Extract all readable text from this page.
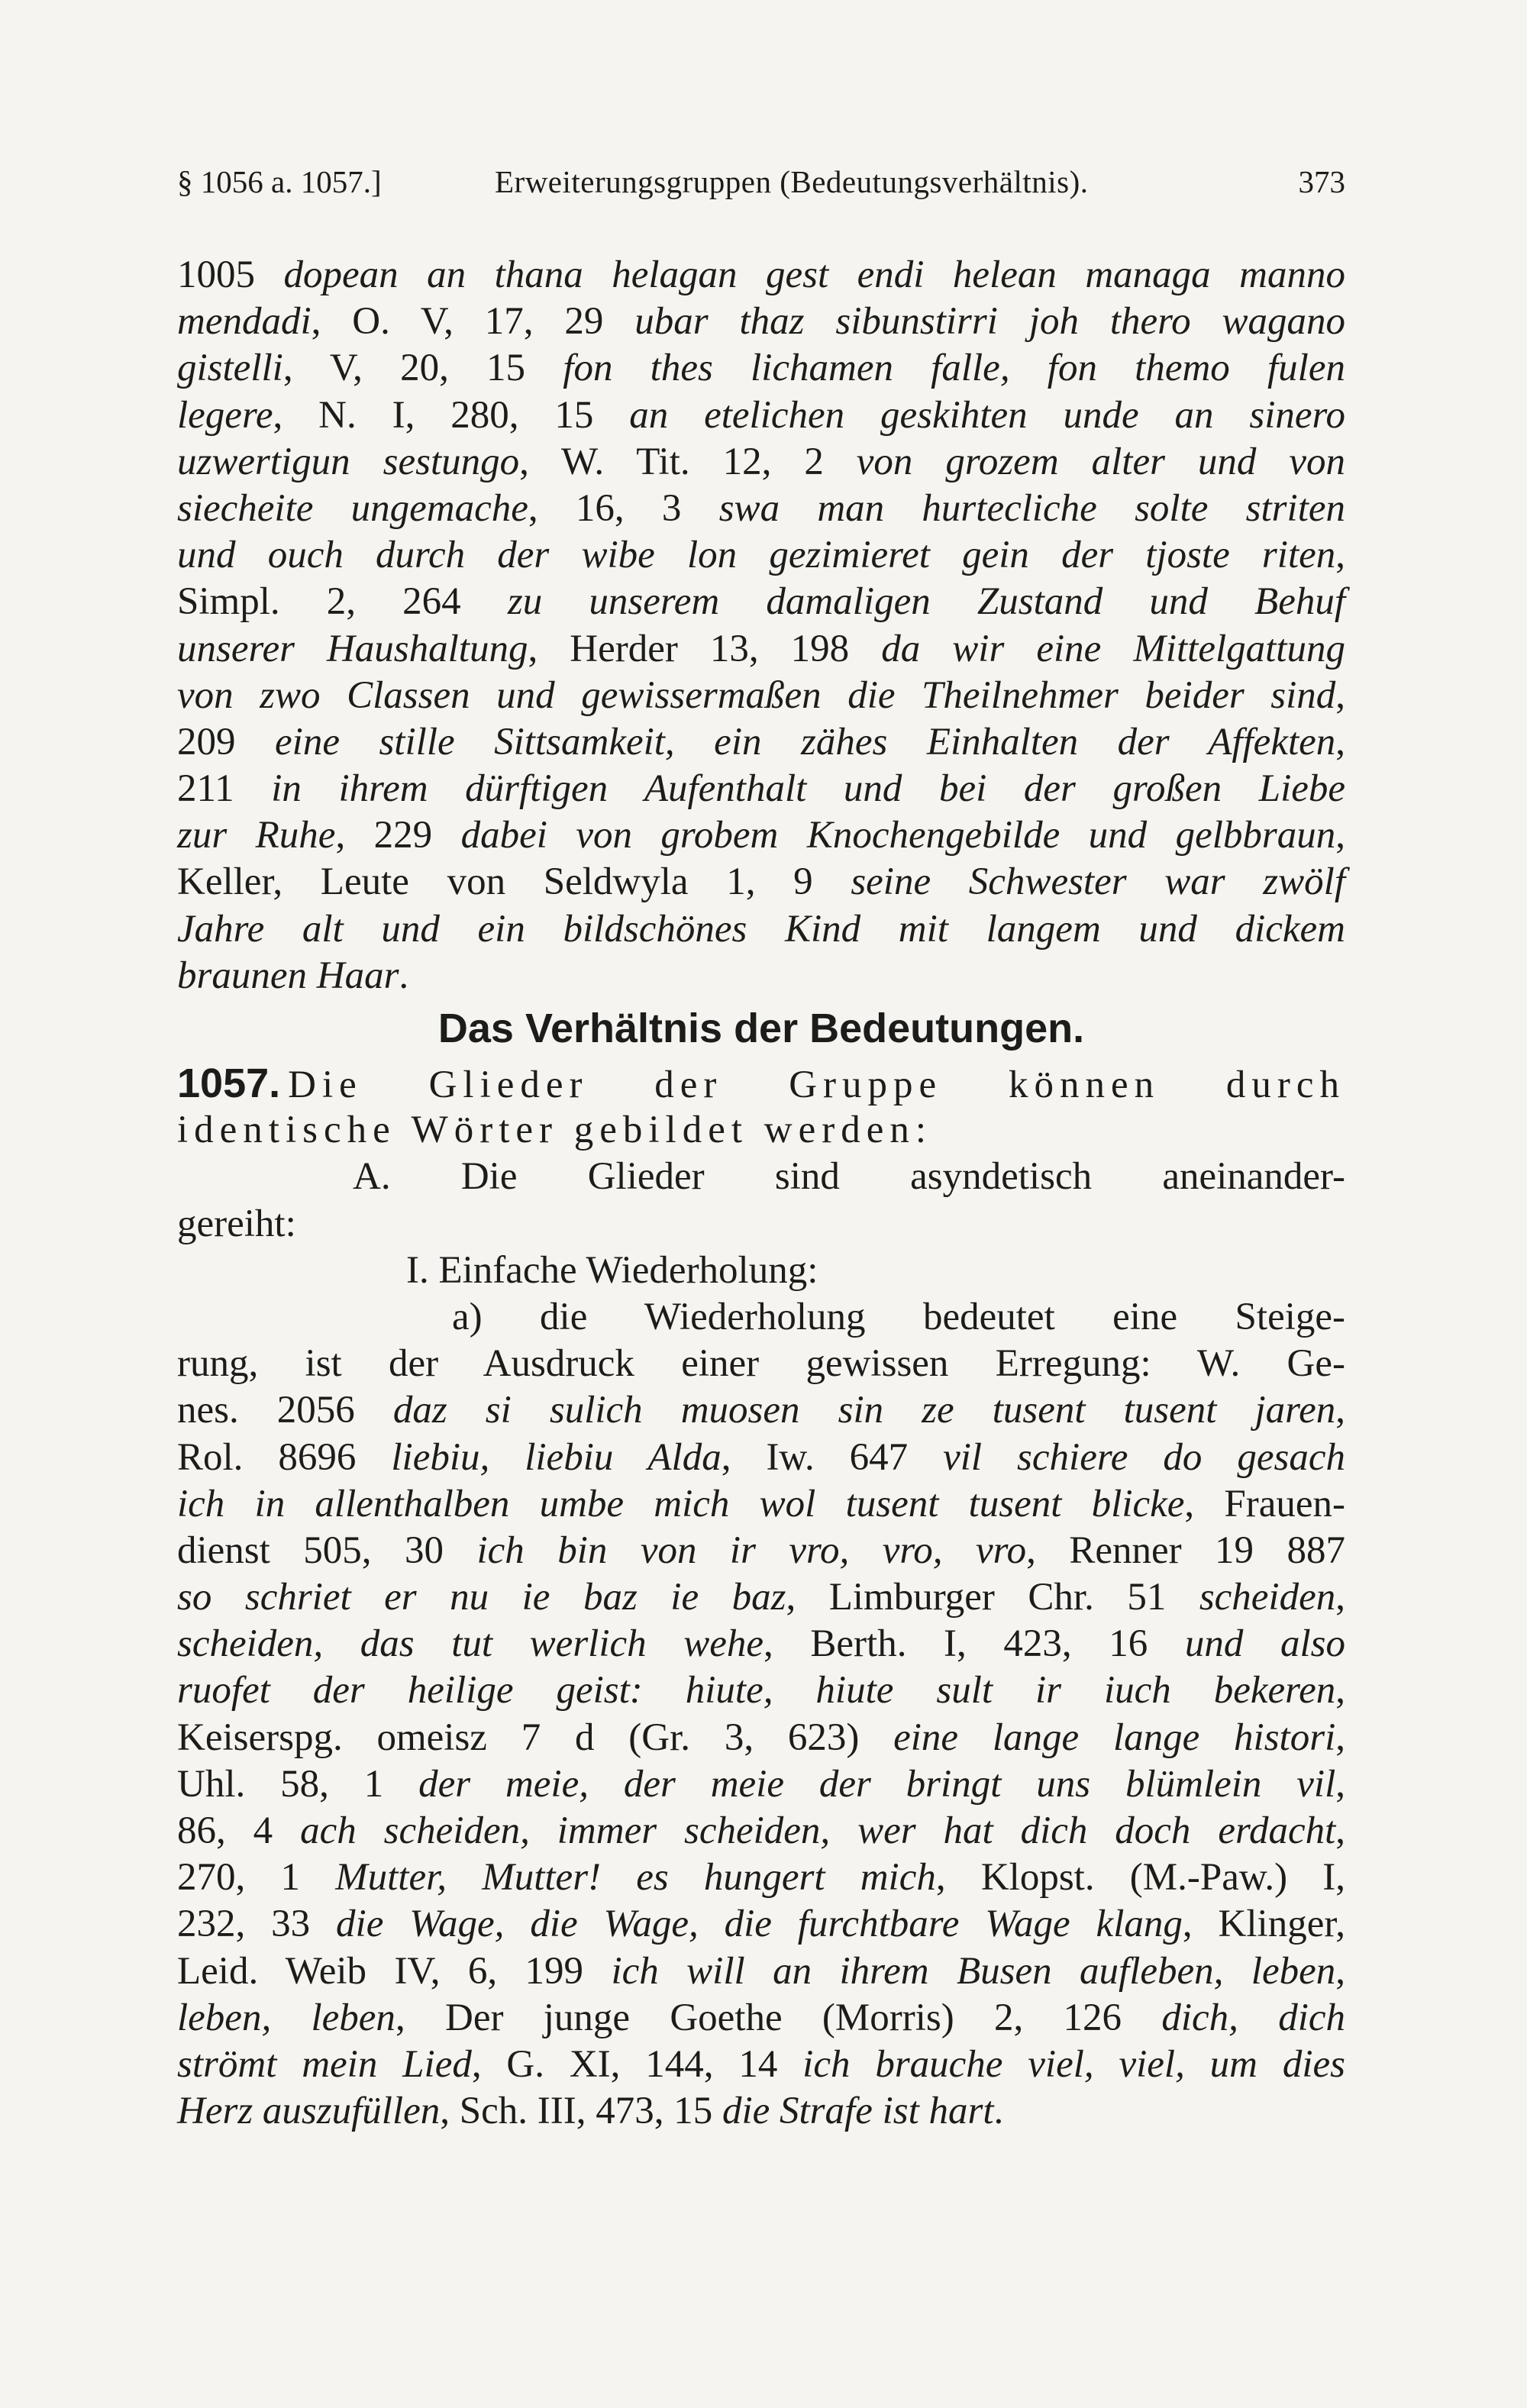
§ 1056 a. 1057.]	Erweiterungsgruppen (Bedeutungsverhältnis).	373
1005 dopean an thana helagan gest endi helean managa manno
mendadi, O. V, 17, 29 ubar thaz sibunstirri joh thero wagano
gistelli, V, 20, 15 fon thes lichamen falle, fon themo fulen
legere, N. I, 280, 15 an etelichen geskihten unde an sinero
uzwertigun sestungo, W. Tit. 12, 2 von grozem alter und von
siecheite ungemache, 16, 3 swa man hurtecliche solte striten
und ouch durch der wibe lon gezimieret gein der tjoste riten,
Simpl. 2, 264 zu unserem damaligen Zustand und Behuf
unserer Haushaltung, Herder 13, 198 da wir eine Mittelgattung
von zwo Classen und gewissermaßen die Theilnehmer beider sind,
209 eine stille Sittsamkeit, ein zähes Einhalten der Affekten,
211 in ihrem dürftigen Aufenthalt und bei der großen Liebe
zur Ruhe, 229 dabei von grobem Knochengebilde und gelbbraun,
Keller, Leute von Seldwyla 1, 9 seine Schwester war zwölf
Jahre alt und ein bildschönes Kind mit langem und dickem
braunen Haar.
Das Verhältnis der Bedeutungen.
1057. Die Glieder der Gruppe können durch
identische Wörter gebildet werden:
A. Die Glieder sind asyndetisch aneinander-
gereiht:
I. Einfache Wiederholung:
a) die Wiederholung bedeutet eine Steige-
rung, ist der Ausdruck einer gewissen Erregung: W. Ge-
nes. 2056 daz si sulich muosen sin ze tusent tusent jaren,
Rol. 8696 liebiu, liebiu Alda, Iw. 647 vil schiere do gesach
ich in allenthalben umbe mich wol tusent tusent blicke, Frauen-
dienst 505, 30 ich bin von ir vro, vro, vro, Renner 19 887
so schriet er nu ie baz ie baz, Limburger Chr. 51 scheiden,
scheiden, das tut werlich wehe, Berth. I, 423, 16 und also
ruofet der heilige geist: hiute, hiute sult ir iuch bekeren,
Keiserspg. omeisz 7 d (Gr. 3, 623) eine lange lange histori,
Uhl. 58, 1 der meie, der meie der bringt uns blümlein vil,
86, 4 ach scheiden, immer scheiden, wer hat dich doch erdacht,
270, 1 Mutter, Mutter! es hungert mich, Klopst. (M.-Paw.) I,
232, 33 die Wage, die Wage, die furchtbare Wage klang, Klinger,
Leid. Weib IV, 6, 199 ich will an ihrem Busen aufleben, leben,
leben, leben, Der junge Goethe (Morris) 2, 126 dich, dich
strömt mein Lied, G. XI, 144, 14 ich brauche viel, viel, um dies
Herz auszufüllen, Sch. III, 473, 15 die Strafe ist hart.
